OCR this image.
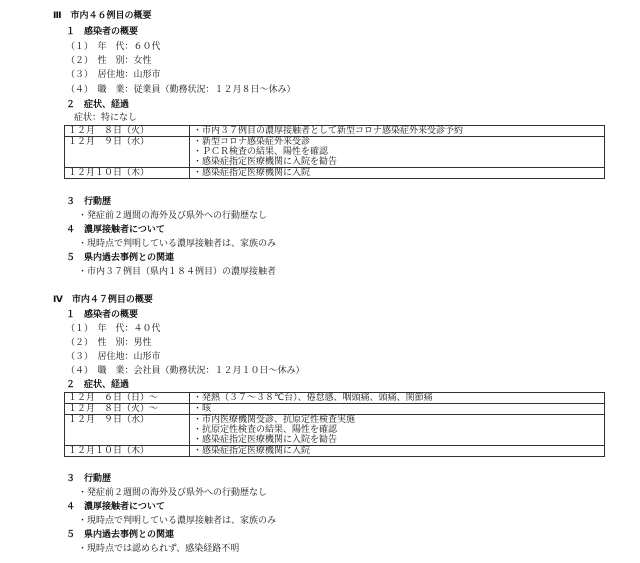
Ⅲ　市内４６例目の概要
１　感染者の概要
（１）　年　代：６０代
（２）　性　別：女性
（３）　居住地：山形市
（４）　職　業：従業員（勤務状況：１２月８日～休み）
２　症状、経過
症状：特になし
１２月　８日（火）	・市内３７例目の濃厚接触者として新型コロナ感染症外来受診予約

１２月　９日（水）	・新型コロナ感染症外来受診
・ＰＣＲ検査の結果、陽性を確認
・感染症指定医療機関に入院を勧告

１２月１０日（木）	・感染症指定医療機関に入院
３　行動歴
・発症前２週間の海外及び県外への行動歴なし
４　濃厚接触者について
・現時点で判明している濃厚接触者は、家族のみ
５　県内過去事例との関連
・市内３７例目（県内１８４例目）の濃厚接触者
Ⅳ　市内４７例目の概要
１　感染者の概要
（１）　年　代：４０代
（２）　性　別：男性
（３）　居住地：山形市
（４）　職　業：会社員（勤務状況：１２月１０日～休み）
２　症状、経過
１２月　６日（日）～	・発熱（３７～３８℃台）、倦怠感、咽頭痛、頭痛、関節痛

１２月　８日（火）～	・咳

１２月　９日（水）	・市内医療機関受診、抗原定性検査実施
・抗原定性検査の結果、陽性を確認
・感染症指定医療機関に入院を勧告

１２月１０日（木）	・感染症指定医療機関に入院
３　行動歴
・発症前２週間の海外及び県外への行動歴なし
４　濃厚接触者について
・現時点で判明している濃厚接触者は、家族のみ
５　県内過去事例との関連
・現時点では認められず、感染経路不明
